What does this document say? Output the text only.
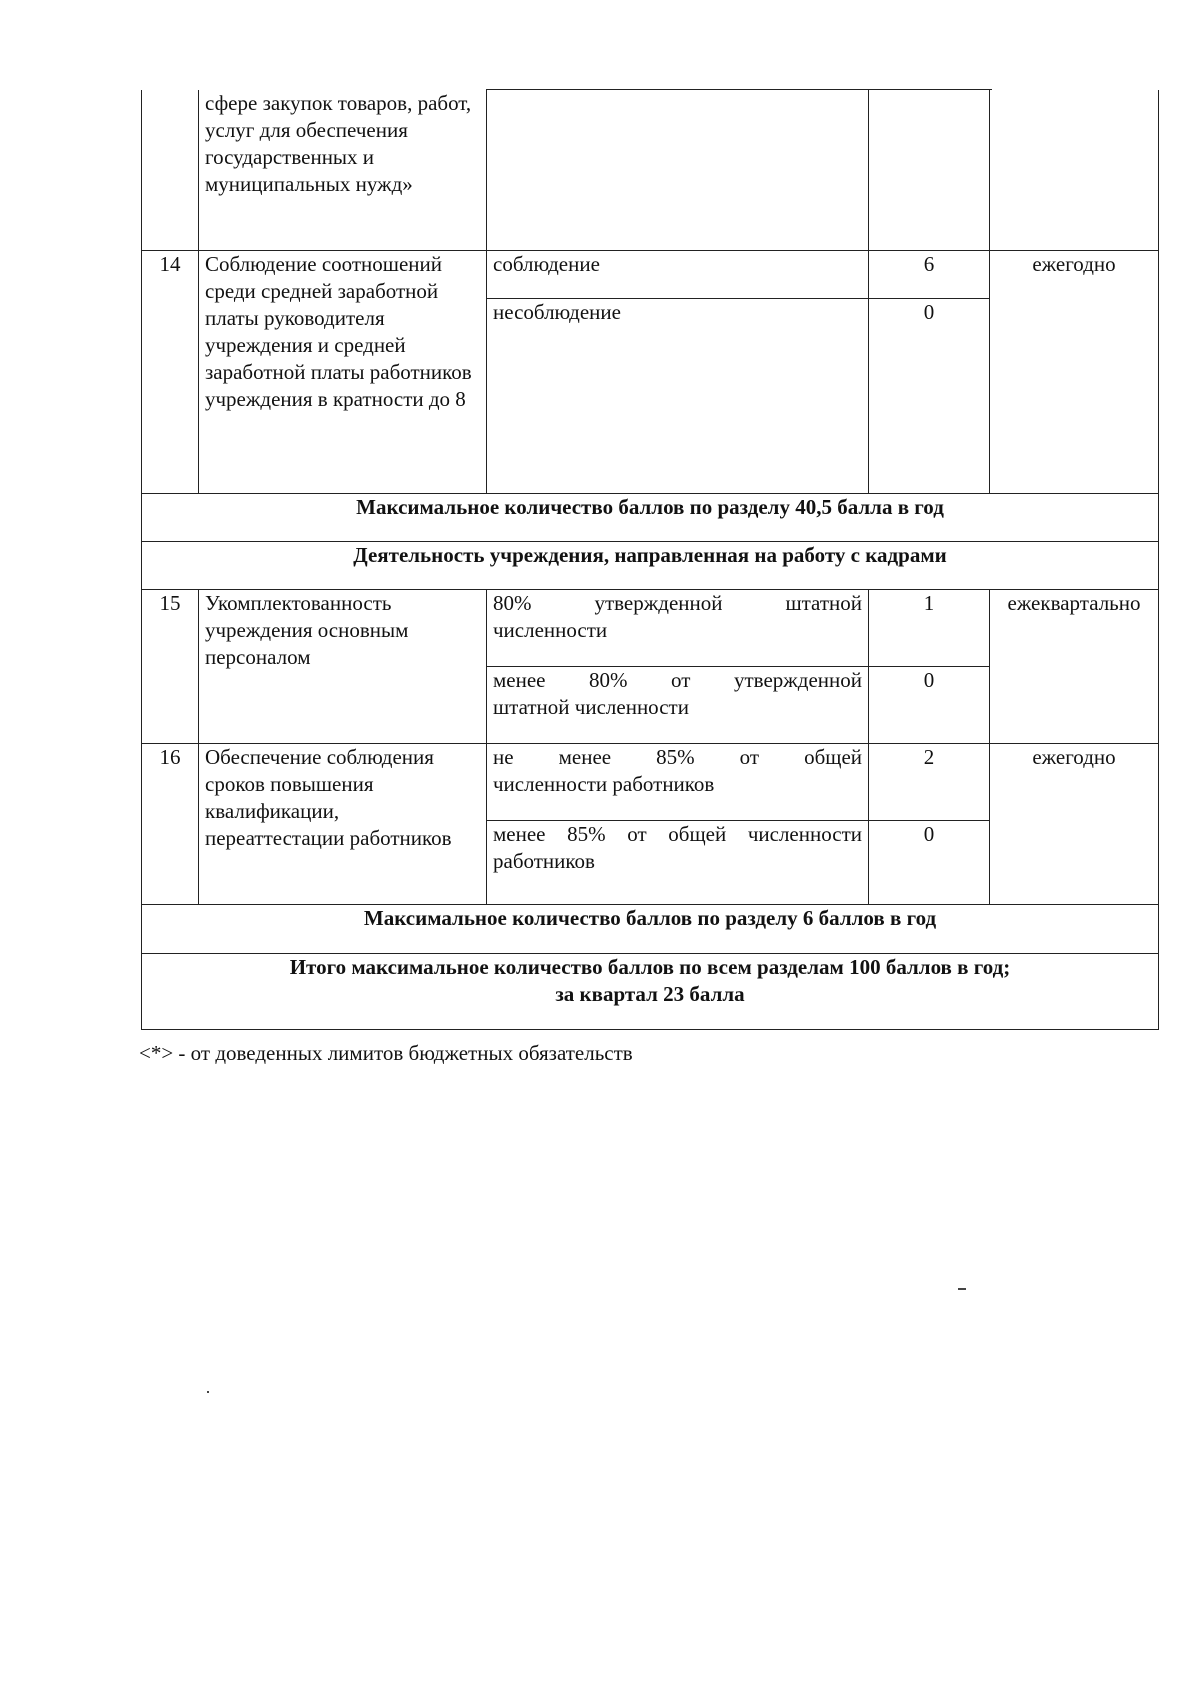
	сфере закупок товаров, работ, услуг для обеспечения государственных и муниципальных нужд»			
14	Соблюдение соотношений среди средней заработной платы руководителя учреждения и средней заработной платы работников учреждения в кратности до 8	соблюдение	6	ежегодно
		несоблюдение	0	
Максимальное количество баллов по разделу 40,5 балла в год				
Деятельность учреждения, направленная на работу с кадрами				
15	Укомплектованность учреждения основным персоналом	80% утвержденной штатной
численности	1	ежеквартально

		менее 80% от утвержденной
штатной численности	0	
16	Обеспечение соблюдения сроков повышения квалификации, переаттестации работников	не менее 85% от общей
численности работников	2	ежегодно

		менее 85% от общей численности
работников	0	
Максимальное количество баллов по разделу 6 баллов в год				

Итого максимальное количество баллов по всем разделам 100 баллов в год;
за квартал 23 балла				
<*> - от доведенных лимитов бюджетных обязательств
